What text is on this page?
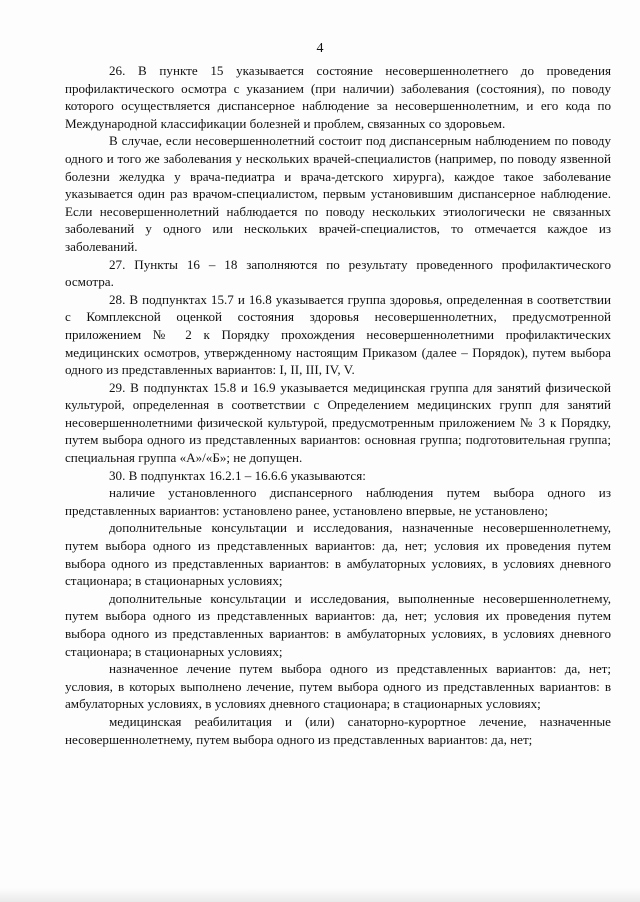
4

26. В пункте 15 указывается состояние несовершеннолетнего до проведения профилактического осмотра с указанием (при наличии) заболевания (состояния), по поводу которого осуществляется диспансерное наблюдение за несовершеннолетним, и его кода по Международной классификации болезней и проблем, связанных со здоровьем.

В случае, если несовершеннолетний состоит под диспансерным наблюдением по поводу одного и того же заболевания у нескольких врачей-специалистов (например, по поводу язвенной болезни желудка у врача-педиатра и врача-детского хирурга), каждое такое заболевание указывается один раз врачом-специалистом, первым установившим диспансерное наблюдение. Если несовершеннолетний наблюдается по поводу нескольких этиологически не связанных заболеваний у одного или нескольких врачей-специалистов, то отмечается каждое из заболеваний.

27. Пункты 16 – 18 заполняются по результату проведенного профилактического осмотра.

28. В подпунктах 15.7 и 16.8 указывается группа здоровья, определенная в соответствии с Комплексной оценкой состояния здоровья несовершеннолетних, предусмотренной приложением № 2 к Порядку прохождения несовершеннолетними профилактических медицинских осмотров, утвержденному настоящим Приказом (далее – Порядок), путем выбора одного из представленных вариантов: I, II, III, IV, V.

29. В подпунктах 15.8 и 16.9 указывается медицинская группа для занятий физической культурой, определенная в соответствии с Определением медицинских групп для занятий несовершеннолетними физической культурой, предусмотренным приложением № 3 к Порядку, путем выбора одного из представленных вариантов: основная группа; подготовительная группа; специальная группа «А»/«Б»; не допущен.

30. В подпунктах 16.2.1 – 16.6.6 указываются:

наличие установленного диспансерного наблюдения путем выбора одного из представленных вариантов: установлено ранее, установлено впервые, не установлено;

дополнительные консультации и исследования, назначенные несовершеннолетнему, путем выбора одного из представленных вариантов: да, нет; условия их проведения путем выбора одного из представленных вариантов: в амбулаторных условиях, в условиях дневного стационара; в стационарных условиях;

дополнительные консультации и исследования, выполненные несовершеннолетнему, путем выбора одного из представленных вариантов: да, нет; условия их проведения путем выбора одного из представленных вариантов: в амбулаторных условиях, в условиях дневного стационара; в стационарных условиях;

назначенное лечение путем выбора одного из представленных вариантов: да, нет; условия, в которых выполнено лечение, путем выбора одного из представленных вариантов: в амбулаторных условиях, в условиях дневного стационара; в стационарных условиях;

медицинская реабилитация и (или) санаторно-курортное лечение, назначенные несовершеннолетнему, путем выбора одного из представленных вариантов: да, нет;
